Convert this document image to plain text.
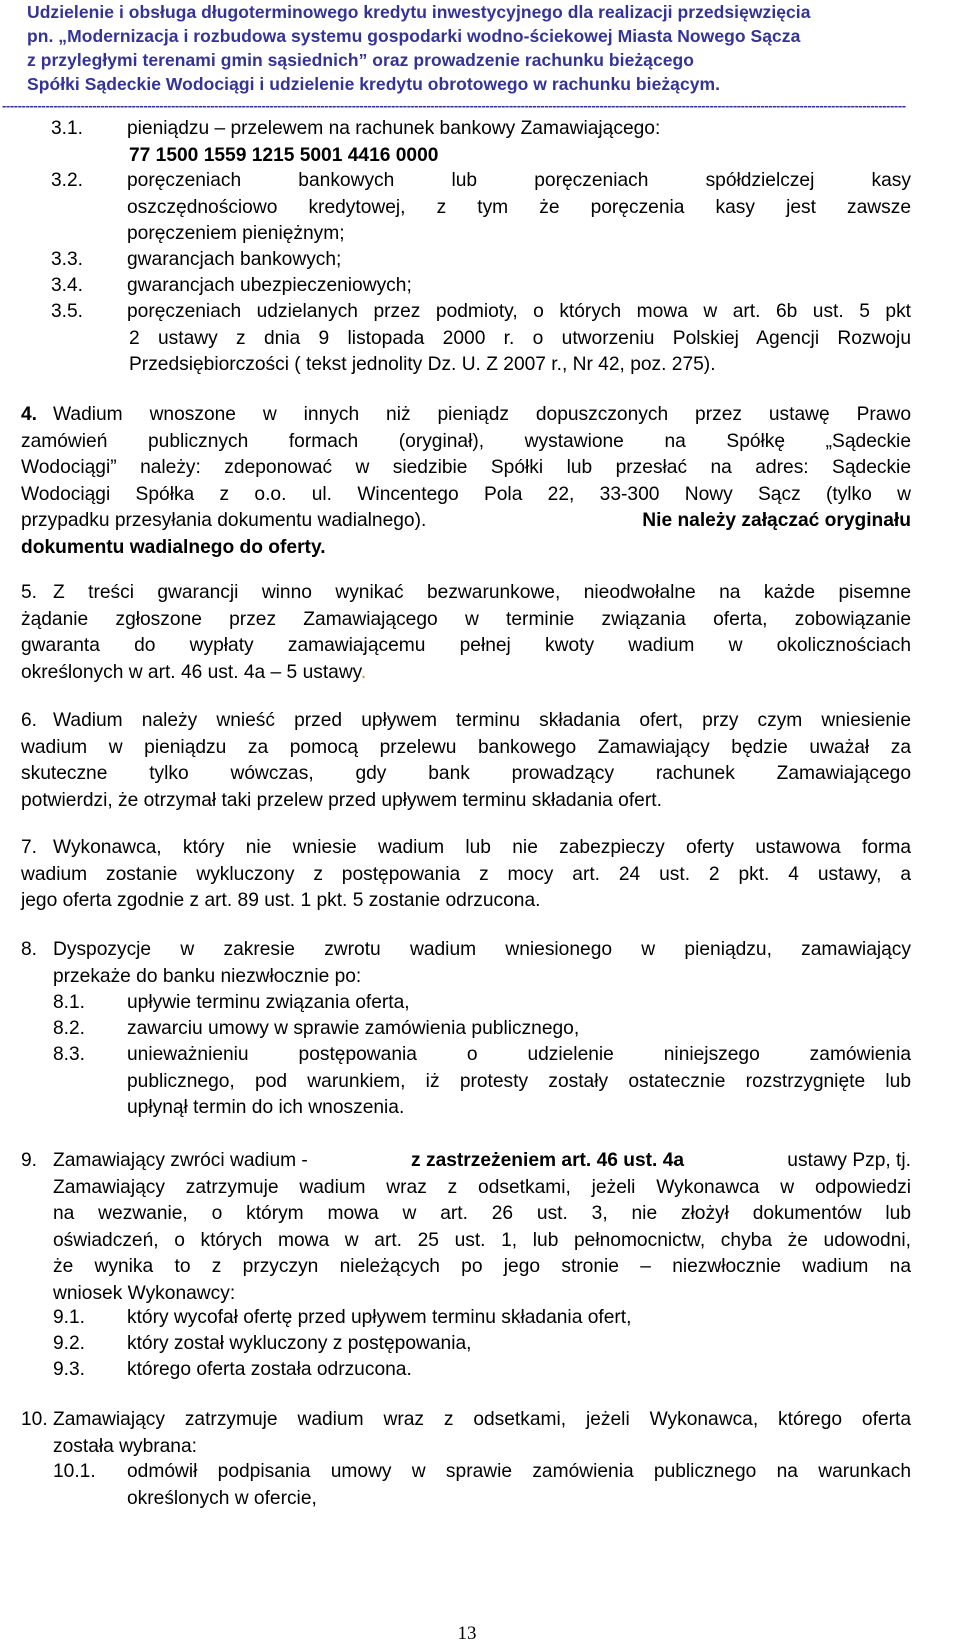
Udzielenie i obsługa długoterminowego kredytu inwestycyjnego dla realizacji przedsięwzięcia
pn. „Modernizacja i rozbudowa systemu gospodarki wodno-ściekowej Miasta Nowego Sącza
z przyległymi terenami gmin sąsiednich” oraz prowadzenie rachunku bieżącego
Spółki Sądeckie Wodociągi i udzielenie kredytu obrotowego w rachunku bieżącym.
--------------------------------------------------------------------------------------------------------------------------------------------------------------------------------------------------------------------------------------
3.1. pieniądzu – przelewem na rachunek bankowy Zamawiającego:
77 1500 1559 1215 5001 4416 0000
3.2. poręczeniach bankowych lub poręczeniach spółdzielczej kasy
oszczędnościowo kredytowej, z tym że poręczenia kasy jest zawsze
poręczeniem pieniężnym;
3.3. gwarancjach bankowych;
3.4. gwarancjach ubezpieczeniowych;
3.5. poręczeniach udzielanych przez podmioty, o których mowa w art. 6b ust. 5 pkt
2 ustawy z dnia 9 listopada 2000 r. o utworzeniu Polskiej Agencji Rozwoju
Przedsiębiorczości ( tekst jednolity Dz. U. Z 2007 r., Nr 42, poz. 275).
4. Wadium wnoszone w innych niż pieniądz dopuszczonych przez ustawę Prawo
zamówień publicznych formach (oryginał), wystawione na Spółkę „Sądeckie
Wodociągi” należy: zdeponować w siedzibie Spółki lub przesłać na adres: Sądeckie
Wodociągi Spółka z o.o. ul. Wincentego Pola 22, 33-300 Nowy Sącz (tylko w
przypadku przesyłania dokumentu wadialnego).	Nie należy załączać oryginału
dokumentu wadialnego do oferty.
5. Z treści gwarancji winno wynikać bezwarunkowe, nieodwołalne na każde pisemne
żądanie zgłoszone przez Zamawiającego w terminie związania oferta, zobowiązanie
gwaranta do wypłaty zamawiającemu pełnej kwoty wadium w okolicznościach
określonych w art. 46 ust. 4a – 5 ustawy.
6. Wadium należy wnieść przed upływem terminu składania ofert, przy czym wniesienie
wadium w pieniądzu za pomocą przelewu bankowego Zamawiający będzie uważał za
skuteczne tylko wówczas, gdy bank prowadzący rachunek Zamawiającego
potwierdzi, że otrzymał taki przelew przed upływem terminu składania ofert.
7. Wykonawca, który nie wniesie wadium lub nie zabezpieczy oferty ustawowa forma
wadium zostanie wykluczony z postępowania z mocy art. 24 ust. 2 pkt. 4 ustawy, a
jego oferta zgodnie z art. 89 ust. 1 pkt. 5 zostanie odrzucona.
8. Dyspozycje w zakresie zwrotu wadium wniesionego w pieniądzu, zamawiający
przekaże do banku niezwłocznie po:
8.1. upływie terminu związania oferta,
8.2. zawarciu umowy w sprawie zamówienia publicznego,
8.3. unieważnieniu postępowania o udzielenie niniejszego zamówienia
publicznego, pod warunkiem, iż protesty zostały ostatecznie rozstrzygnięte lub
upłynął termin do ich wnoszenia.
9. Zamawiający zwróci wadium -	z zastrzeżeniem art. 46 ust. 4a	ustawy Pzp, tj.
Zamawiający zatrzymuje wadium wraz z odsetkami, jeżeli Wykonawca w odpowiedzi
na wezwanie, o którym mowa w art. 26 ust. 3, nie złożył dokumentów lub
oświadczeń, o których mowa w art. 25 ust. 1, lub pełnomocnictw, chyba że udowodni,
że wynika to z przyczyn nieleżących po jego stronie – niezwłocznie wadium na
wniosek Wykonawcy:
9.1. który wycofał ofertę przed upływem terminu składania ofert,
9.2. który został wykluczony z postępowania,
9.3. którego oferta została odrzucona.
10. Zamawiający zatrzymuje wadium wraz z odsetkami, jeżeli Wykonawca, którego oferta
została wybrana:
10.1. odmówił podpisania umowy w sprawie zamówienia publicznego na warunkach
określonych w ofercie,
13
